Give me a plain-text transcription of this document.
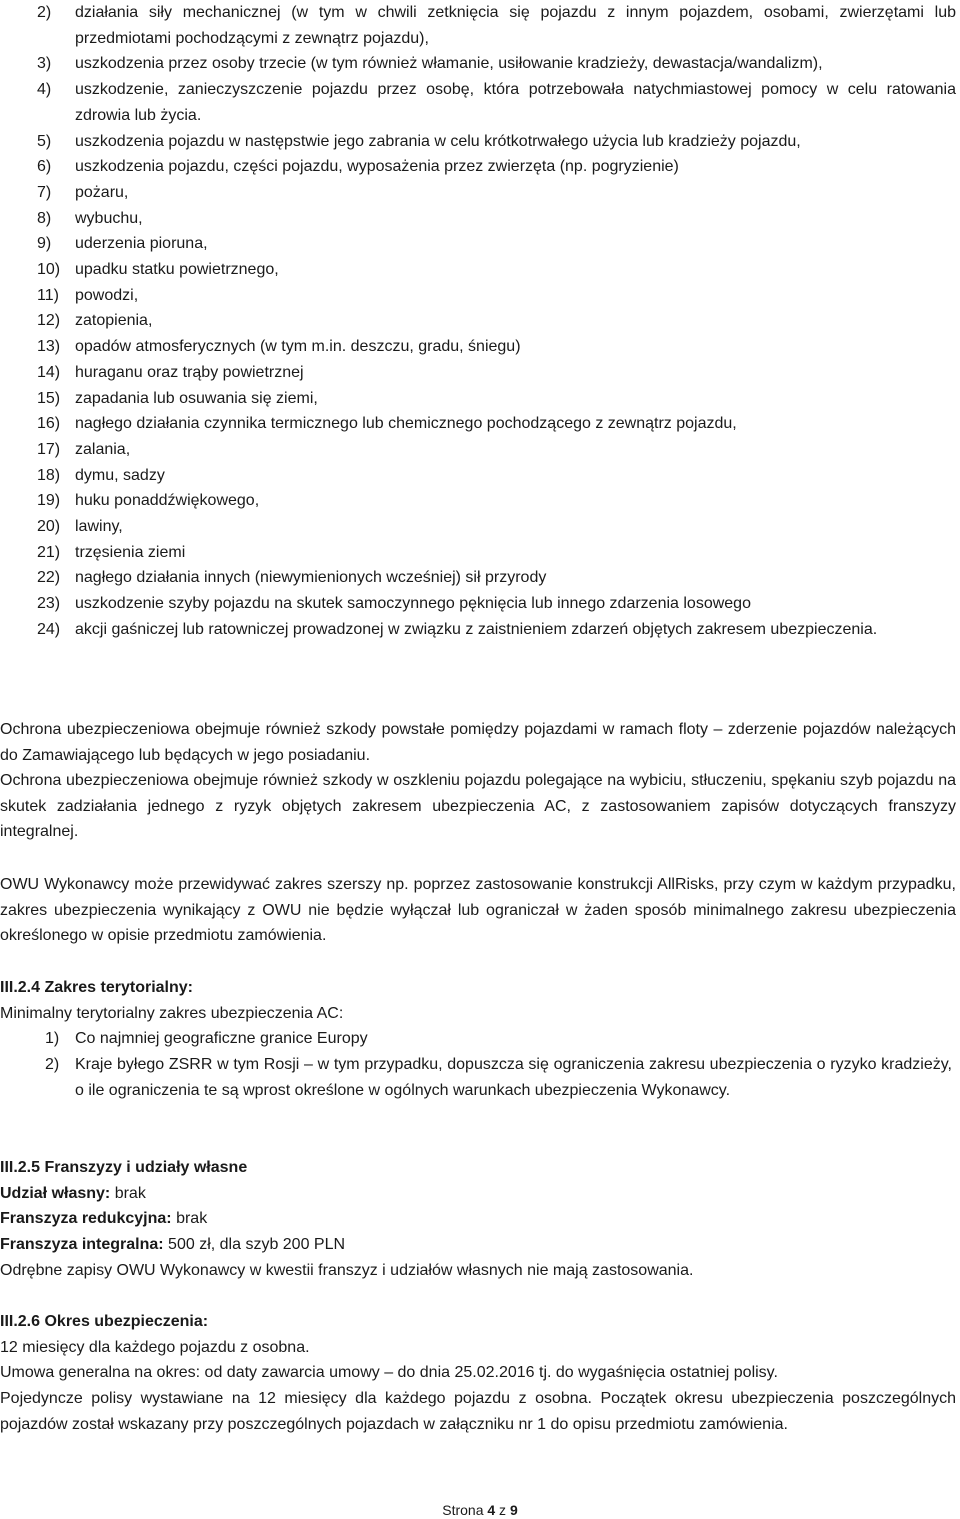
2) działania siły mechanicznej (w tym w chwili zetknięcia się pojazdu z innym pojazdem, osobami, zwierzętami lub przedmiotami pochodzącymi z zewnątrz pojazdu),
3) uszkodzenia przez osoby trzecie (w tym również włamanie, usiłowanie kradzieży, dewastacja/wandalizm),
4) uszkodzenie, zanieczyszczenie pojazdu przez osobę, która potrzebowała natychmiastowej pomocy w celu ratowania zdrowia lub życia.
5) uszkodzenia pojazdu w następstwie jego zabrania w celu krótkotrwałego użycia lub kradzieży pojazdu,
6) uszkodzenia pojazdu, części pojazdu, wyposażenia przez zwierzęta (np. pogryzienie)
7) pożaru,
8) wybuchu,
9) uderzenia pioruna,
10) upadku statku powietrznego,
11) powodzi,
12) zatopienia,
13) opadów atmosferycznych (w tym m.in. deszczu, gradu, śniegu)
14) huraganu oraz trąby powietrznej
15) zapadania lub osuwania się ziemi,
16) nagłego działania czynnika termicznego lub chemicznego pochodzącego z zewnątrz pojazdu,
17) zalania,
18) dymu, sadzy
19) huku ponaddźwiękowego,
20) lawiny,
21) trzęsienia ziemi
22) nagłego działania innych (niewymienionych wcześniej) sił przyrody
23) uszkodzenie szyby pojazdu na skutek samoczynnego pęknięcia lub innego zdarzenia losowego
24) akcji gaśniczej lub ratowniczej prowadzonej w związku z zaistnieniem zdarzeń objętych zakresem ubezpieczenia.
Ochrona ubezpieczeniowa obejmuje również szkody powstałe pomiędzy pojazdami w ramach floty – zderzenie pojazdów należących do Zamawiającego lub będących w jego posiadaniu.
Ochrona ubezpieczeniowa obejmuje również szkody w oszkleniu pojazdu polegające na wybiciu, stłuczeniu, spękaniu szyb pojazdu na skutek zadziałania jednego z ryzyk objętych zakresem ubezpieczenia AC, z zastosowaniem zapisów dotyczących franszyzy integralnej.
OWU Wykonawcy może przewidywać zakres szerszy np. poprzez zastosowanie konstrukcji AllRisks, przy czym w każdym przypadku, zakres ubezpieczenia wynikający z OWU nie będzie wyłączał lub ograniczał w żaden sposób minimalnego zakresu ubezpieczenia określonego w opisie przedmiotu zamówienia.
III.2.4 Zakres terytorialny:
Minimalny terytorialny zakres ubezpieczenia AC:
1) Co najmniej geograficzne granice Europy
2) Kraje byłego ZSRR w tym Rosji – w tym przypadku, dopuszcza się ograniczenia zakresu ubezpieczenia o ryzyko kradzieży, o ile ograniczenia te są wprost określone w ogólnych warunkach ubezpieczenia Wykonawcy.
III.2.5 Franszyzy i udziały własne
Udział własny: brak
Franszyza redukcyjna: brak
Franszyza integralna: 500 zł, dla szyb 200 PLN
Odrębne zapisy OWU Wykonawcy w kwestii franszyz i udziałów własnych nie mają zastosowania.
III.2.6 Okres ubezpieczenia:
12 miesięcy dla każdego pojazdu z osobna.
Umowa generalna na okres: od daty zawarcia umowy – do dnia 25.02.2016 tj. do wygaśnięcia ostatniej polisy.
Pojedyncze polisy wystawiane na 12 miesięcy dla każdego pojazdu z osobna. Początek okresu ubezpieczenia poszczególnych pojazdów został wskazany przy poszczególnych pojazdach w załączniku nr 1 do opisu przedmiotu zamówienia.
Strona 4 z 9
